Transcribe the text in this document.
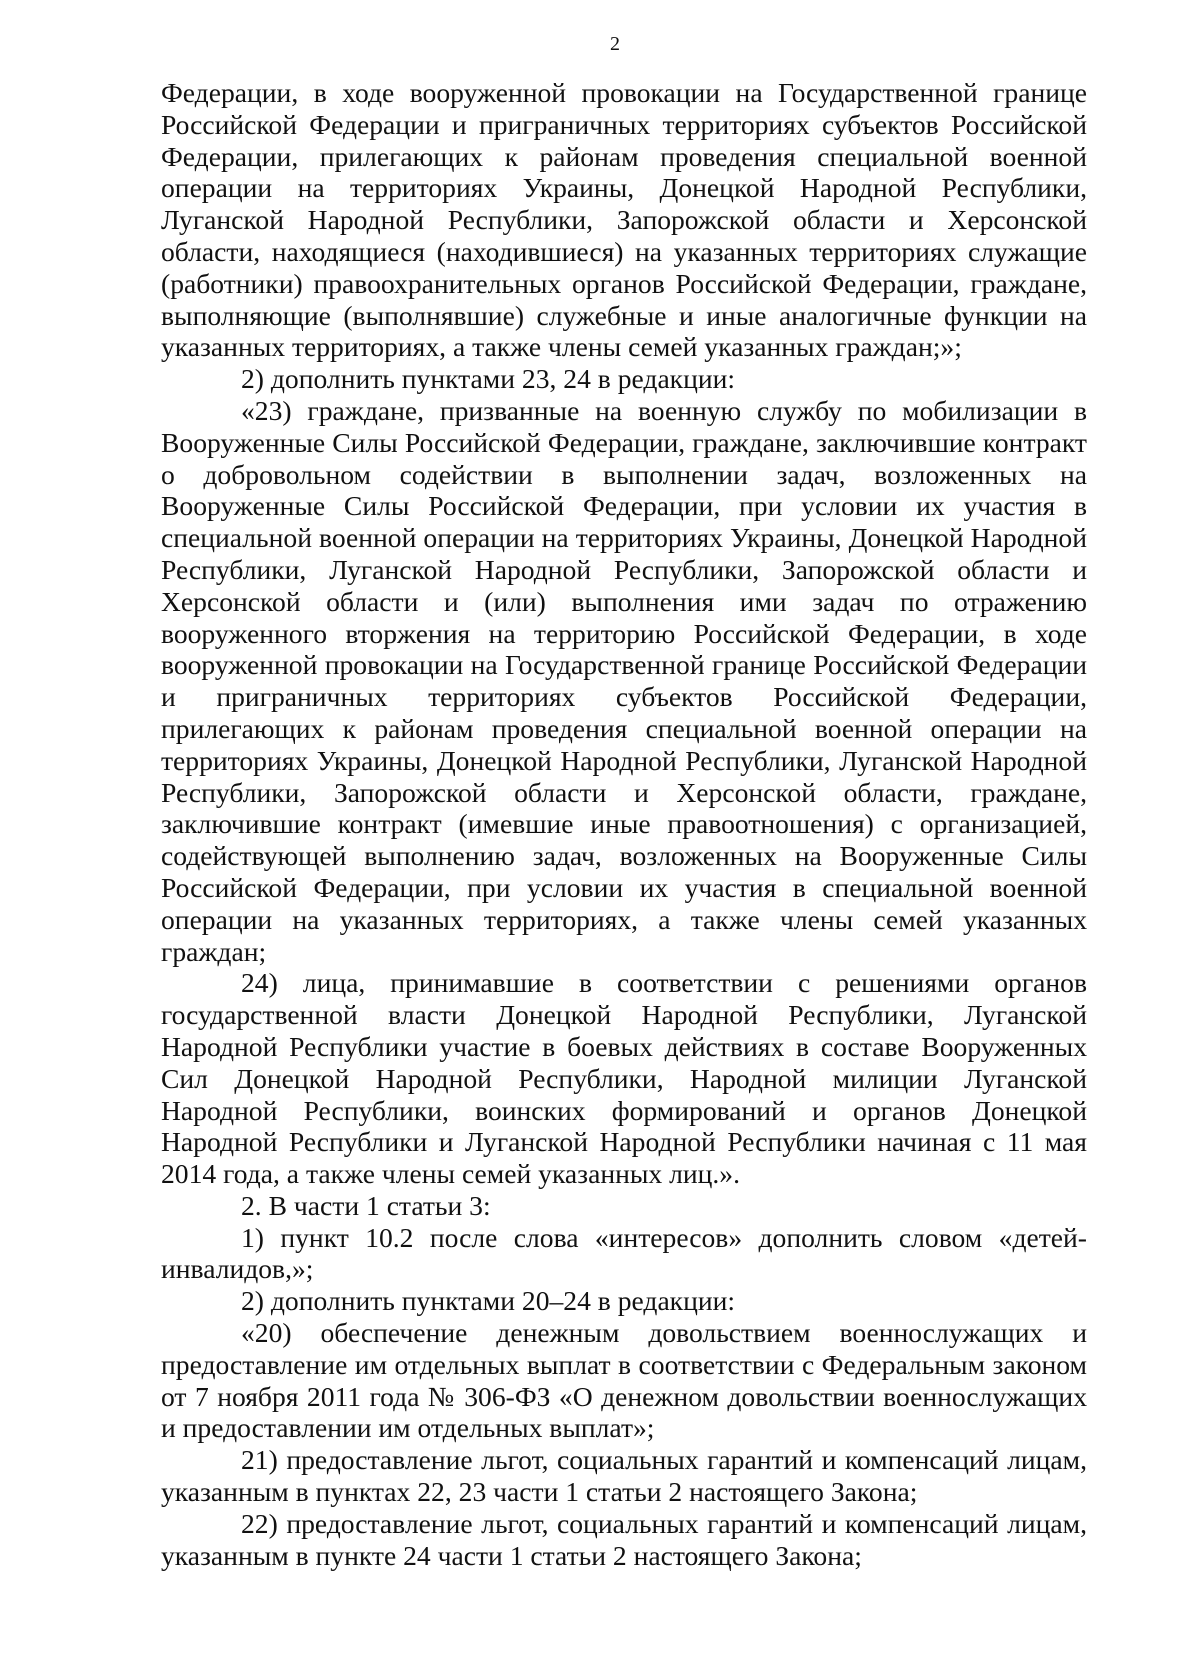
2

Федерации, в ходе вооруженной провокации на Государственной границе Российской Федерации и приграничных территориях субъектов Российской Федерации, прилегающих к районам проведения специальной военной операции на территориях Украины, Донецкой Народной Республики, Луганской Народной Республики, Запорожской области и Херсонской области, находящиеся (находившиеся) на указанных территориях служащие (работники) правоохранительных органов Российской Федерации, граждане, выполняющие (выполнявшие) служебные и иные аналогичные функции на указанных территориях, а также члены семей указанных граждан;»;

2) дополнить пунктами 23, 24 в редакции:

«23) граждане, призванные на военную службу по мобилизации в Вооруженные Силы Российской Федерации, граждане, заключившие контракт о добровольном содействии в выполнении задач, возложенных на Вооруженные Силы Российской Федерации, при условии их участия в специальной военной операции на территориях Украины, Донецкой Народной Республики, Луганской Народной Республики, Запорожской области и Херсонской области и (или) выполнения ими задач по отражению вооруженного вторжения на территорию Российской Федерации, в ходе вооруженной провокации на Государственной границе Российской Федерации и приграничных территориях субъектов Российской Федерации, прилегающих к районам проведения специальной военной операции на территориях Украины, Донецкой Народной Республики, Луганской Народной Республики, Запорожской области и Херсонской области, граждане, заключившие контракт (имевшие иные правоотношения) с организацией, содействующей выполнению задач, возложенных на Вооруженные Силы Российской Федерации, при условии их участия в специальной военной операции на указанных территориях, а также члены семей указанных граждан;

24) лица, принимавшие в соответствии с решениями органов государственной власти Донецкой Народной Республики, Луганской Народной Республики участие в боевых действиях в составе Вооруженных Сил Донецкой Народной Республики, Народной милиции Луганской Народной Республики, воинских формирований и органов Донецкой Народной Республики и Луганской Народной Республики начиная с 11 мая 2014 года, а также члены семей указанных лиц.».

2. В части 1 статьи 3:

1) пункт 10.2 после слова «интересов» дополнить словом «детей-инвалидов,»;

2) дополнить пунктами 20–24 в редакции:

«20) обеспечение денежным довольствием военнослужащих и предоставление им отдельных выплат в соответствии с Федеральным законом от 7 ноября 2011 года № 306-ФЗ «О денежном довольствии военнослужащих и предоставлении им отдельных выплат»;

21) предоставление льгот, социальных гарантий и компенсаций лицам, указанным в пунктах 22, 23 части 1 статьи 2 настоящего Закона;

22) предоставление льгот, социальных гарантий и компенсаций лицам, указанным в пункте 24 части 1 статьи 2 настоящего Закона;
